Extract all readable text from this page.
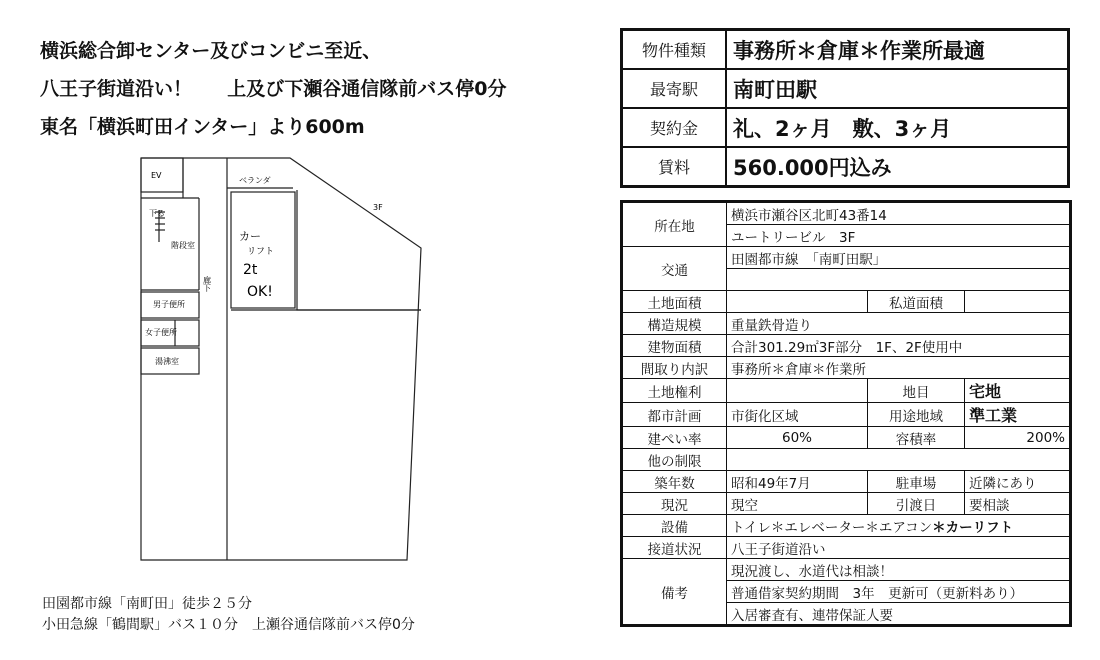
横浜総合卸センター及びコンビニ至近、
八王子街道沿い！ 上及び下瀬谷通信隊前バス停0分
東名「横浜町田インター」より600m
EV
ベランダ
3F
下る
階段室
廊下
男子便所
女子便所
湯沸室
カー
リフト
2t
OK!
田園都市線「南町田」徒歩２５分
小田急線「鶴間駅」バス１０分　上瀬谷通信隊前バス停0分
物件種類	事務所＊倉庫＊作業所最適
最寄駅	南町田駅
契約金	礼、2ヶ月　敷、3ヶ月
賃料	560.000円込み
所在地	横浜市瀬谷区北町43番14		
	ユートリービル　3F		
交通	田園都市線　「南町田駅」		

土地面積		私道面積	
構造規模	重量鉄骨造り		
建物面積	合計301.29㎡3F部分　1F、2F使用中		
間取り内訳	事務所＊倉庫＊作業所		
土地権利		地目	宅地
都市計画	市街化区域	用途地域	準工業
建ぺい率	60%	容積率	200%
他の制限			
築年数	昭和49年7月	駐車場	近隣にあり
現況	現空	引渡日	要相談
設備	トイレ＊エレベーター＊エアコン＊カーリフト		
接道状況	八王子街道沿い		
備考	現況渡し、水道代は相談！		
	普通借家契約期間　3年　更新可（更新料あり）		
	入居審査有、連帯保証人要		
